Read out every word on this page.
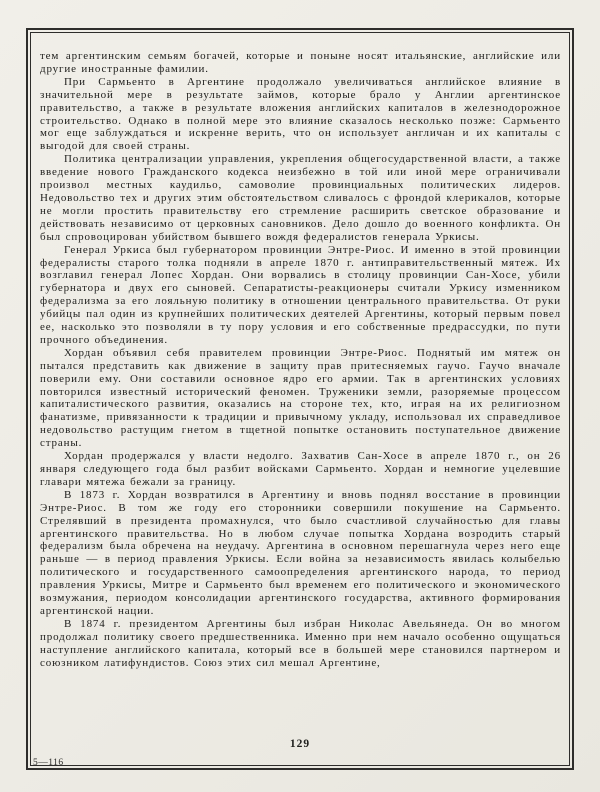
тем аргентинским семьям богачей, которые и поныне носят итальянские, английские или другие иностранные фамилии.

При Сармьенто в Аргентине продолжало увеличиваться английское влияние в значительной мере в результате займов, которые брало у Англии аргентинское правительство, а также в результате вложения английских капиталов в железнодорожное строительство. Однако в полной мере это влияние сказалось несколько позже: Сармьенто мог еще заблуждаться и искренне верить, что он использует англичан и их капиталы с выгодой для своей страны.

Политика централизации управления, укрепления общегосударственной власти, а также введение нового Гражданского кодекса неизбежно в той или иной мере ограничивали произвол местных каудильо, самоволие провинциальных политических лидеров. Недовольство тех и других этим обстоятельством сливалось с фрондой клерикалов, которые не могли простить правительству его стремление расширить светское образование и действовать независимо от церковных сановников. Дело дошло до военного конфликта. Он был спровоцирован убийством бывшего вождя федералистов генерала Уркисы.

Генерал Уркиса был губернатором провинции Энтре-Риос. И именно в этой провинции федералисты старого толка подняли в апреле 1870 г. антиправительственный мятеж. Их возглавил генерал Лопес Хордан. Они ворвались в столицу провинции Сан-Хосе, убили губернатора и двух его сыновей. Сепаратисты-реакционеры считали Уркису изменником федерализма за его лояльную политику в отношении центрального правительства. От руки убийцы пал один из крупнейших политических деятелей Аргентины, который первым повел ее, насколько это позволяли в ту пору условия и его собственные предрассудки, по пути прочного объединения.

Хордан объявил себя правителем провинции Энтре-Риос. Поднятый им мятеж он пытался представить как движение в защиту прав притесняемых гаучо. Гаучо вначале поверили ему. Они составили основное ядро его армии. Так в аргентинских условиях повторился известный исторический феномен. Труженики земли, разоряемые процессом капиталистического развития, оказались на стороне тех, кто, играя на их религиозном фанатизме, привязанности к традиции и привычному укладу, использовал их справедливое недовольство растущим гнетом в тщетной попытке остановить поступательное движение страны.

Хордан продержался у власти недолго. Захватив Сан-Хосе в апреле 1870 г., он 26 января следующего года был разбит войсками Сармьенто. Хордан и немногие уцелевшие главари мятежа бежали за границу.

В 1873 г. Хордан возвратился в Аргентину и вновь поднял восстание в провинции Энтре-Риос. В том же году его сторонники совершили покушение на Сармьенто. Стрелявший в президента промахнулся, что было счастливой случайностью для главы аргентинского правительства. Но в любом случае попытка Хордана возродить старый федерализм была обречена на неудачу. Аргентина в основном перешагнула через него еще раньше — в период правления Уркисы. Если война за независимость явилась колыбелью политического и государственного самоопределения аргентинского народа, то период правления Уркисы, Митре и Сармьенто был временем его политического и экономического возмужания, периодом консолидации аргентинского государства, активного формирования аргентинской нации.

В 1874 г. президентом Аргентины был избран Николас Авельянеда. Он во многом продолжал политику своего предшественника. Именно при нем начало особенно ощущаться наступление английского капитала, который все в большей мере становился партнером и союзником латифундистов. Союз этих сил мешал Аргентине,

129
5—116
